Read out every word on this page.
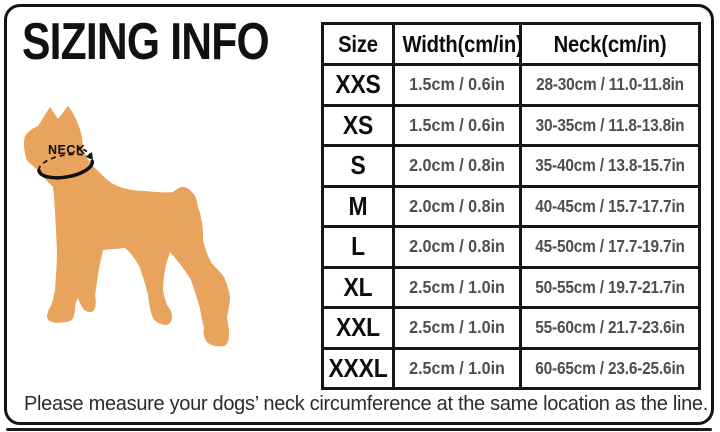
SIZING INFO
NECK
Size	Width(cm/in)	Neck(cm/in)

XXS	1.5cm / 0.6in	28-30cm / 11.0-11.8in

XS	1.5cm / 0.6in	30-35cm / 11.8-13.8in

S	2.0cm / 0.8in	35-40cm / 13.8-15.7in

M	2.0cm / 0.8in	40-45cm / 15.7-17.7in

L	2.0cm / 0.8in	45-50cm / 17.7-19.7in

XL	2.5cm / 1.0in	50-55cm / 19.7-21.7in

XXL	2.5cm / 1.0in	55-60cm / 21.7-23.6in

XXXL	2.5cm / 1.0in	60-65cm / 23.6-25.6in
Please measure your dogs’ neck circumference at the same location as the line.
